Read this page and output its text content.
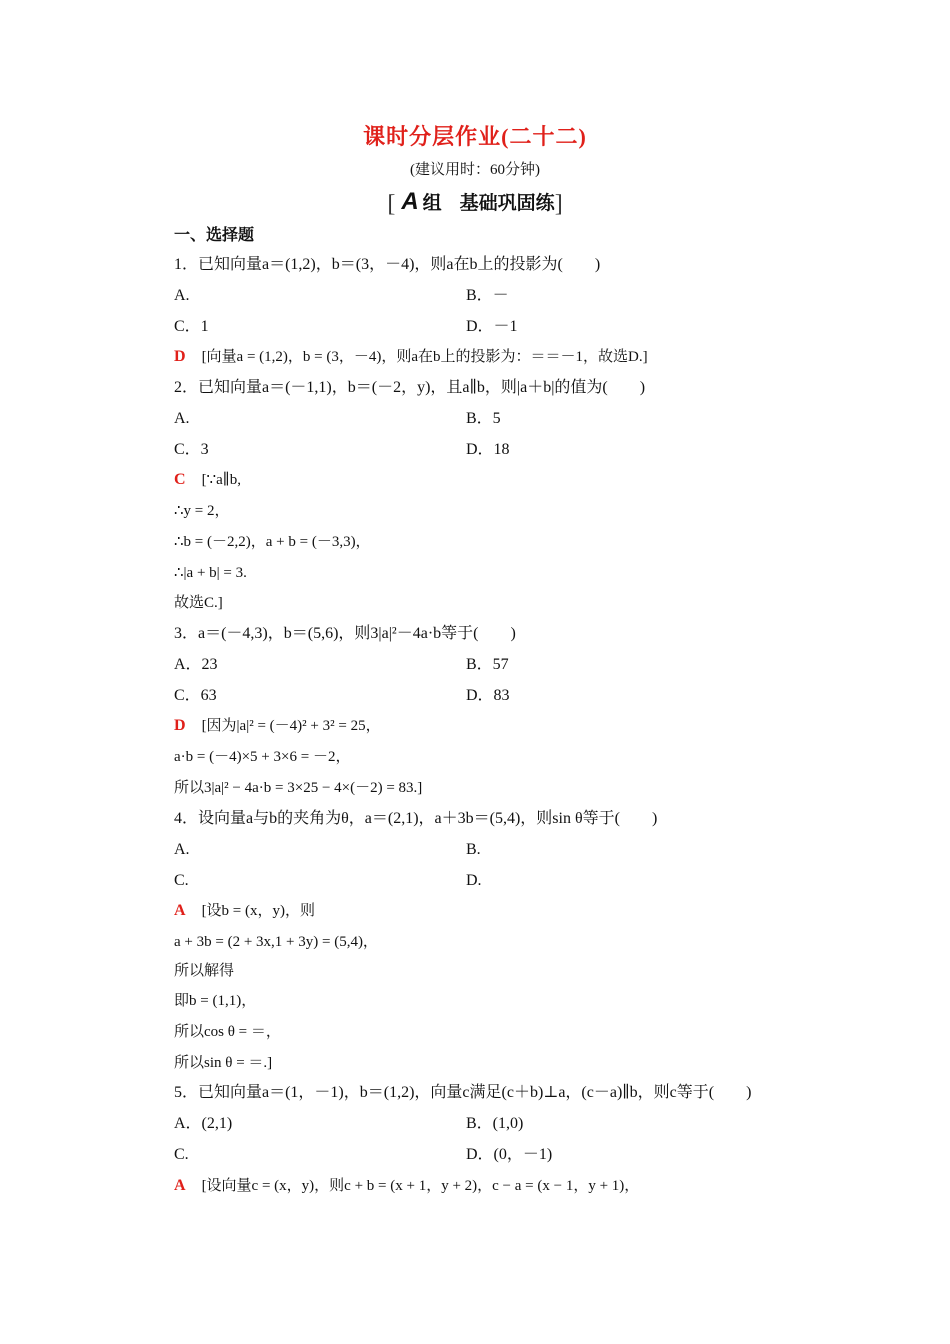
课时分层作业(二十二)
(建议用时：60分钟)
[ A 组 基础巩固练]
一、选择题
1．已知向量a＝(1,2)，b＝(3，－4)，则a在b上的投影为(　　)
A.	B．－
C．1	D．－1
D [向量a = (1,2)，b = (3，－4)，则a在b上的投影为：＝＝－1，故选D.]
2．已知向量a＝(－1,1)，b＝(－2，y)，且a∥b，则|a＋b|的值为(　　)
A.	B．5
C．3	D．18
C [∵a∥b,
∴y = 2，
∴b = (－2,2)，a + b = (－3,3)，
∴|a + b| = 3.
故选C.]
3．a＝(－4,3)，b＝(5,6)，则3|a|²－4a·b等于(　　)
A．23	B．57
C．63	D．83
D [因为|a|² = (－4)² + 3² = 25，
a·b = (－4)×5 + 3×6 = －2，
所以3|a|² − 4a·b = 3×25 − 4×(－2) = 83.]
4．设向量a与b的夹角为θ，a＝(2,1)，a＋3b＝(5,4)，则sin θ等于(　　)
A.	B.
C.	D.
A [设b = (x，y)，则
a + 3b = (2 + 3x,1 + 3y) = (5,4)，
所以解得
即b = (1,1)，
所以cos θ = ＝，
所以sin θ = ＝.]
5．已知向量a＝(1，－1)，b＝(1,2)，向量c满足(c＋b)⊥a，(c－a)∥b，则c等于(　　)
A．(2,1)	B．(1,0)
C.	D．(0，－1)
A [设向量c = (x，y)，则c + b = (x + 1，y + 2)，c − a = (x − 1，y + 1)，
